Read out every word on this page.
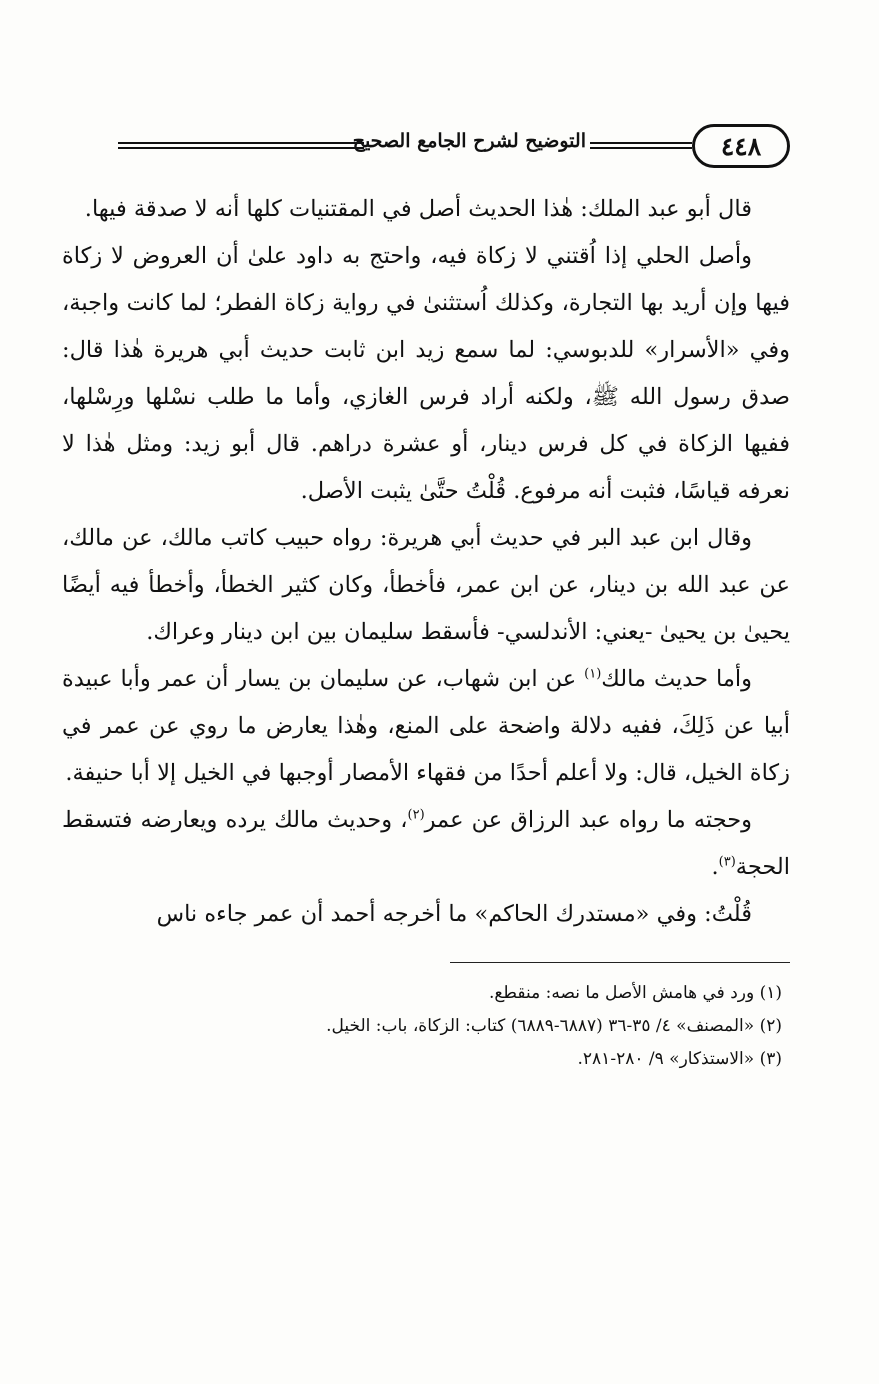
٤٤٨
التوضيح لشرح الجامع الصحيح

قال أبو عبد الملك: هٰذا الحديث أصل في المقتنيات كلها أنه لا صدقة فيها.

وأصل الحلي إذا اُقتني لا زكاة فيه، واحتج به داود علىٰ أن العروض لا زكاة فيها وإن أريد بها التجارة، وكذلك اُستثنىٰ في رواية زكاة الفطر؛ لما كانت واجبة، وفي «الأسرار» للدبوسي: لما سمع زيد ابن ثابت حديث أبي هريرة هٰذا قال: صدق رسول الله ﷺ، ولكنه أراد فرس الغازي، وأما ما طلب نسْلها ورِسْلها، ففيها الزكاة في كل فرس دينار، أو عشرة دراهم. قال أبو زيد: ومثل هٰذا لا نعرفه قياسًا، فثبت أنه مرفوع. قُلْتُ حتَّىٰ يثبت الأصل.

وقال ابن عبد البر في حديث أبي هريرة: رواه حبيب كاتب مالك، عن مالك، عن عبد الله بن دينار، عن ابن عمر، فأخطأ، وكان كثير الخطأ، وأخطأ فيه أيضًا يحيىٰ بن يحيىٰ -يعني: الأندلسي- فأسقط سليمان بين ابن دينار وعراك.

وأما حديث مالك$^{(١)}$ عن ابن شهاب، عن سليمان بن يسار أن عمر وأبا عبيدة أبيا عن ذَلِكَ، ففيه دلالة واضحة على المنع، وهٰذا يعارض ما روي عن عمر في زكاة الخيل، قال: ولا أعلم أحدًا من فقهاء الأمصار أوجبها في الخيل إلا أبا حنيفة.

وحجته ما رواه عبد الرزاق عن عمر$^{(٢)}$، وحديث مالك يرده ويعارضه فتسقط الحجة$^{(٣)}$.

قُلْتُ: وفي «مستدرك الحاكم» ما أخرجه أحمد أن عمر جاءه ناس

(١) ورد في هامش الأصل ما نصه: منقطع.
(٢) «المصنف» ٤/ ٣٥-٣٦ (٦٨٨٧-٦٨٨٩) كتاب: الزكاة، باب: الخيل.
(٣) «الاستذكار» ٩/ ٢٨٠-٢٨١.
